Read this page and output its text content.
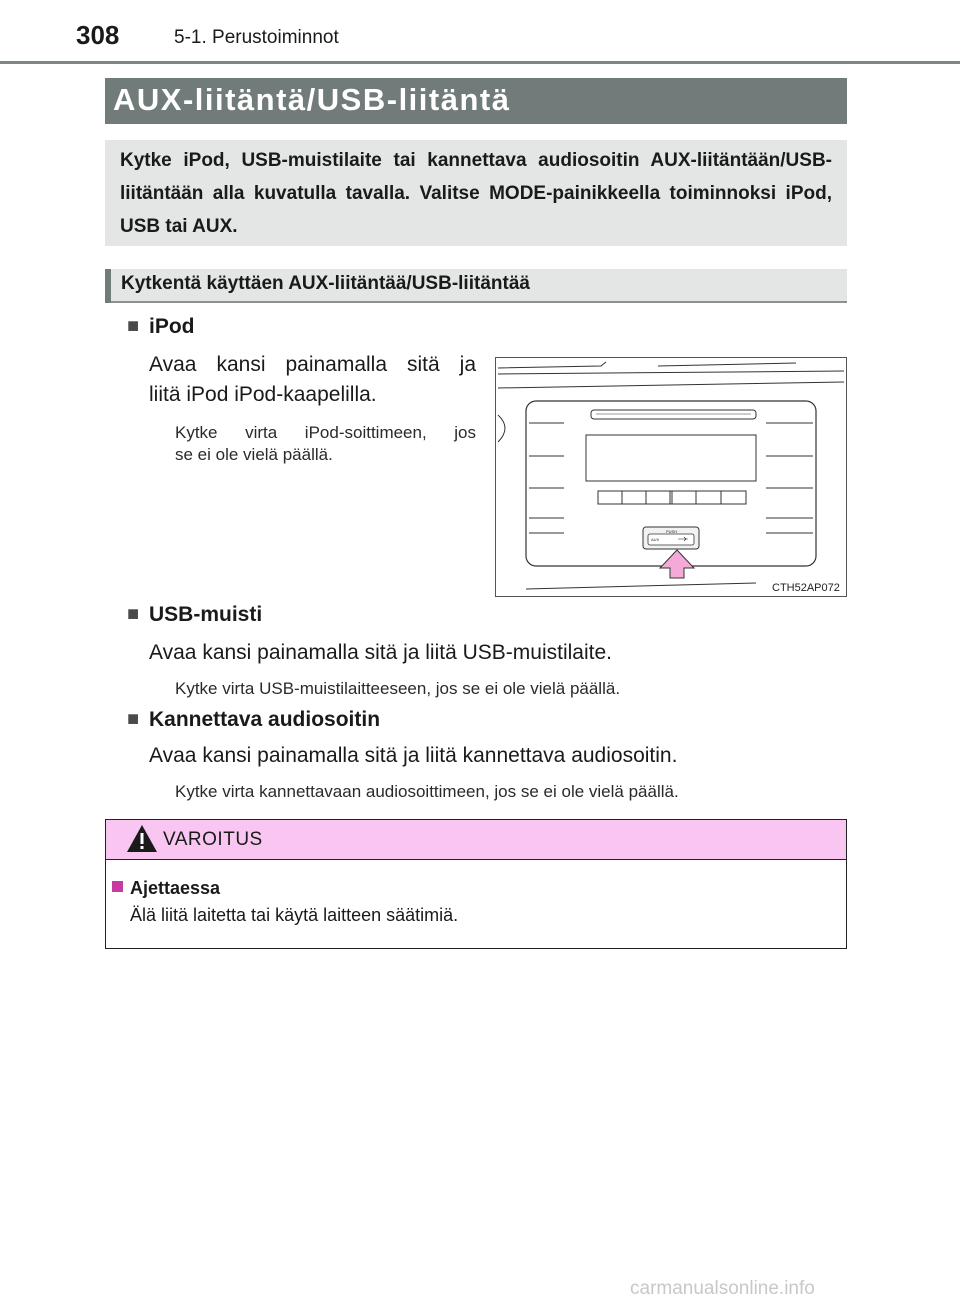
308	5-1. Perustoiminnot
AUX-liitäntä/USB-liitäntä
Kytke iPod, USB-muistilaite tai kannettava audiosoitin AUX-liitäntään/USB-liitäntään alla kuvatulla tavalla. Valitse MODE-painikkeella toiminnoksi iPod, USB tai AUX.
Kytkentä käyttäen AUX-liitäntää/USB-liitäntää
■ iPod
Avaa kansi painamalla sitä ja
liitä iPod iPod-kaapelilla.
Kytke virta iPod-soittimeen, jos
se ei ole vielä päällä.
PUSH
AUX
CTH52AP072
■ USB-muisti
Avaa kansi painamalla sitä ja liitä USB-muistilaite.
Kytke virta USB-muistilaitteeseen, jos se ei ole vielä päällä.
■ Kannettava audiosoitin
Avaa kansi painamalla sitä ja liitä kannettava audiosoitin.
Kytke virta kannettavaan audiosoittimeen, jos se ei ole vielä päällä.
VAROITUS
Ajettaessa
Älä liitä laitetta tai käytä laitteen säätimiä.
carmanualsonline.info
